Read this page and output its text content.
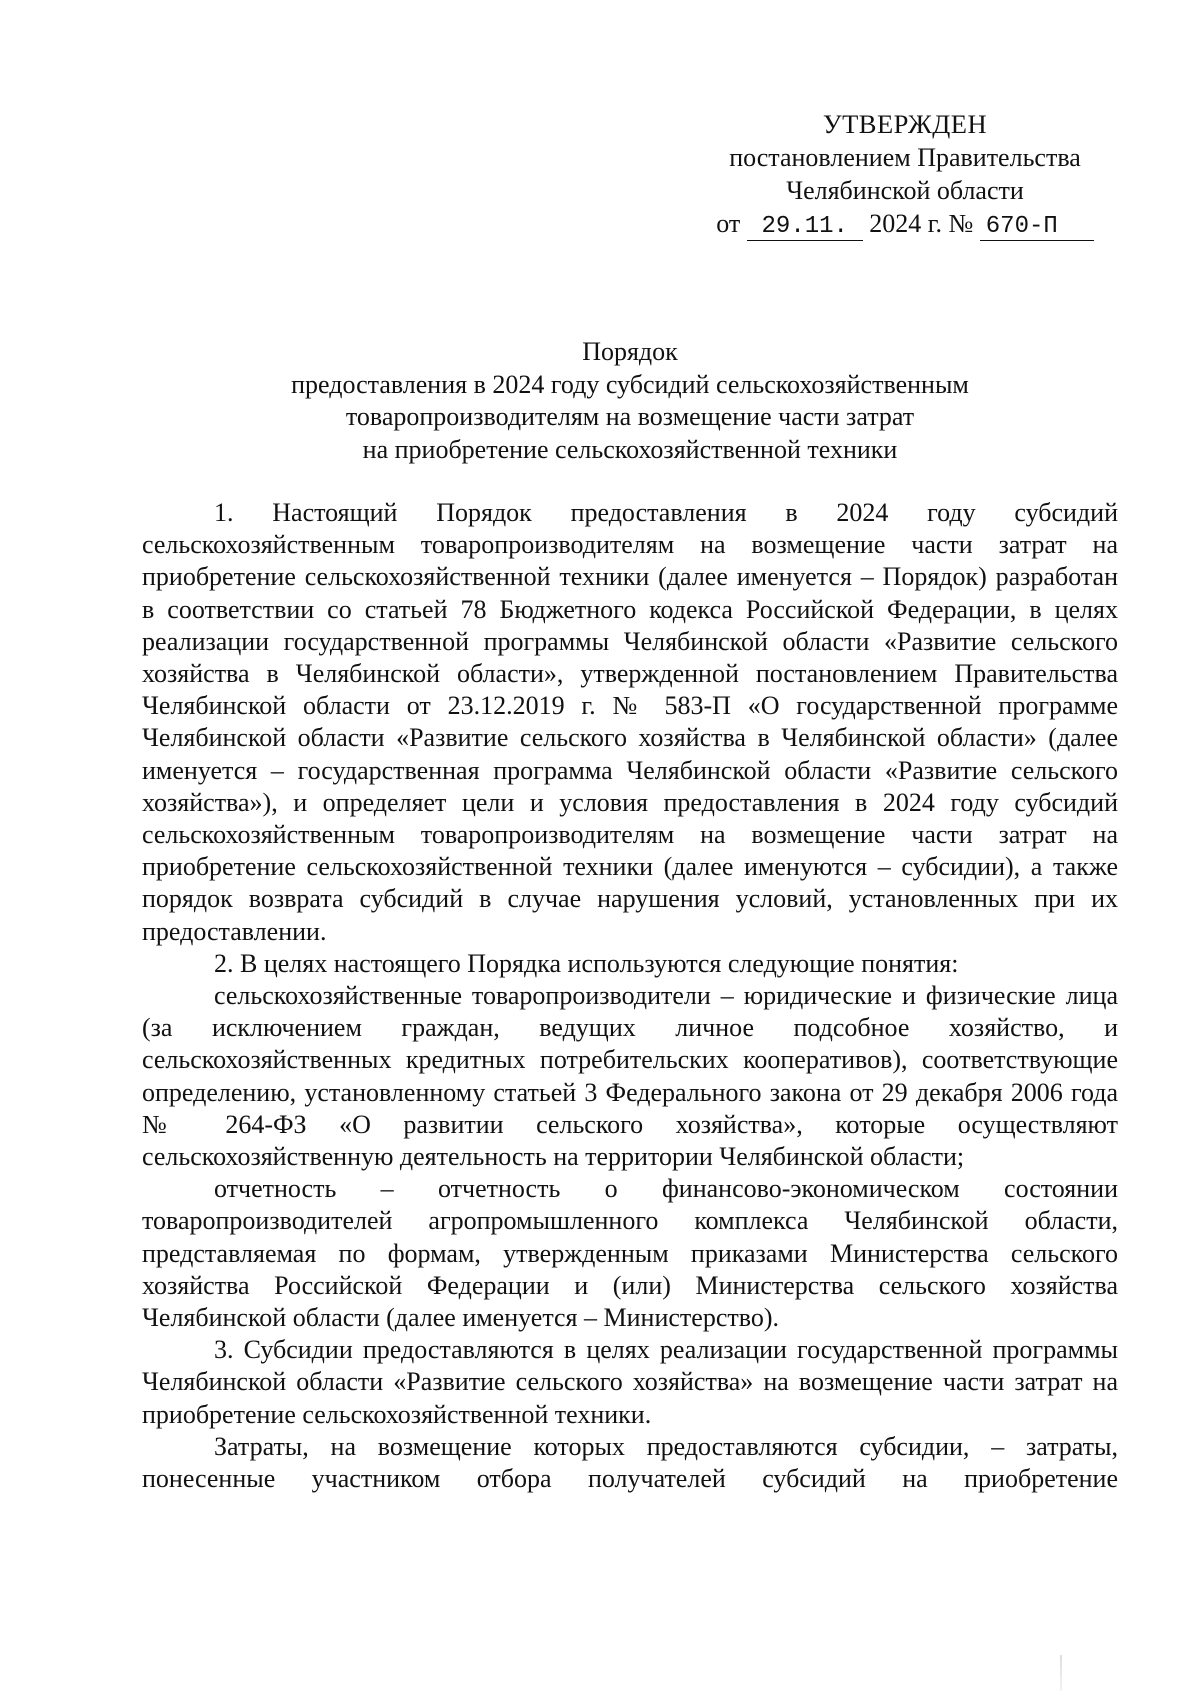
УТВЕРЖДЕН
постановлением Правительства
Челябинской области
от 29.11. 2024 г. № 670-П
Порядок
предоставления в 2024 году субсидий сельскохозяйственным
товаропроизводителям на возмещение части затрат
на приобретение сельскохозяйственной техники

1. Настоящий Порядок предоставления в 2024 году субсидий сельскохозяйственным товаропроизводителям на возмещение части затрат на приобретение сельскохозяйственной техники (далее именуется – Порядок) разработан в соответствии со статьей 78 Бюджетного кодекса Российской Федерации, в целях реализации государственной программы Челябинской области «Развитие сельского хозяйства в Челябинской области», утвержденной постановлением Правительства Челябинской области от 23.12.2019 г. № 583-П «О государственной программе Челябинской области «Развитие сельского хозяйства в Челябинской области» (далее именуется – государственная программа Челябинской области «Развитие сельского хозяйства»), и определяет цели и условия предоставления в 2024 году субсидий сельскохозяйственным товаропроизводителям на возмещение части затрат на приобретение сельскохозяйственной техники (далее именуются – субсидии), а также порядок возврата субсидий в случае нарушения условий, установленных при их предоставлении.

2. В целях настоящего Порядка используются следующие понятия:

сельскохозяйственные товаропроизводители – юридические и физические лица (за исключением граждан, ведущих личное подсобное хозяйство, и сельскохозяйственных кредитных потребительских кооперативов), соответствующие определению, установленному статьей 3 Федерального закона от 29 декабря 2006 года № 264-ФЗ «О развитии сельского хозяйства», которые осуществляют сельскохозяйственную деятельность на территории Челябинской области;

отчетность – отчетность о финансово-экономическом состоянии товаропроизводителей агропромышленного комплекса Челябинской области, представляемая по формам, утвержденным приказами Министерства сельского хозяйства Российской Федерации и (или) Министерства сельского хозяйства Челябинской области (далее именуется – Министерство).

3. Субсидии предоставляются в целях реализации государственной программы Челябинской области «Развитие сельского хозяйства» на возмещение части затрат на приобретение сельскохозяйственной техники.

Затраты, на возмещение которых предоставляются субсидии, – затраты, понесенные участником отбора получателей субсидий на приобретение
